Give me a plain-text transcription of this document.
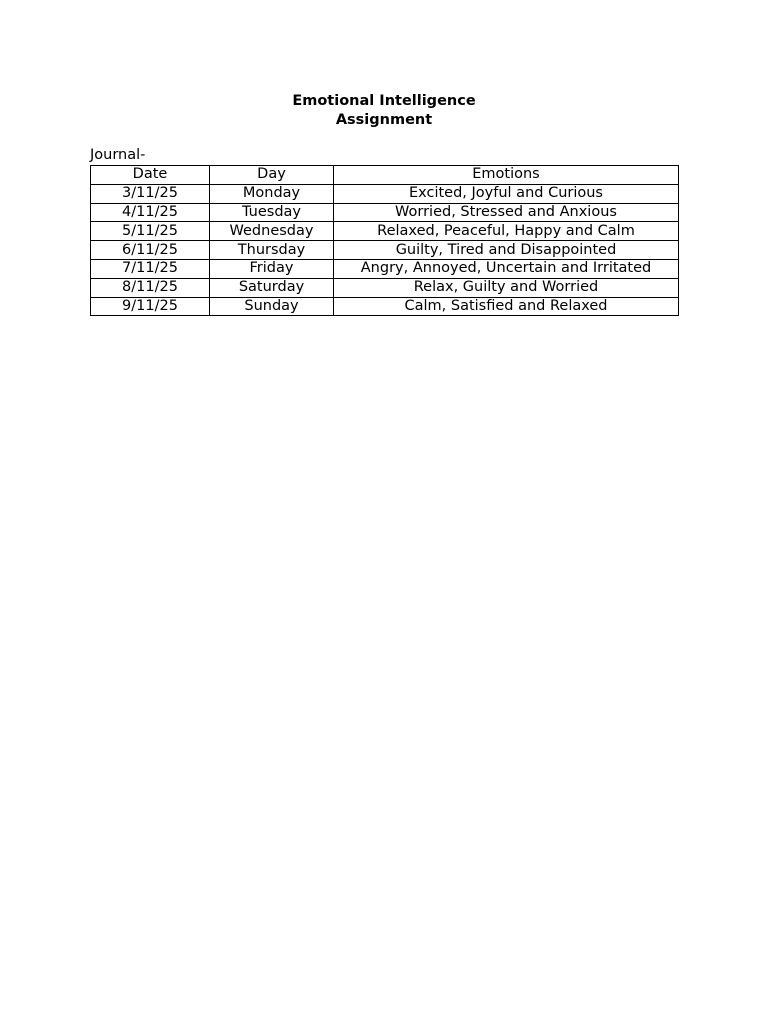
Emotional Intelligence
Assignment
Journal-
Date	Day	Emotions
3/11/25	Monday	Excited, Joyful and Curious
4/11/25	Tuesday	Worried, Stressed and Anxious
5/11/25	Wednesday	Relaxed, Peaceful, Happy and Calm
6/11/25	Thursday	Guilty, Tired and Disappointed
7/11/25	Friday	Angry, Annoyed, Uncertain and Irritated
8/11/25	Saturday	Relax, Guilty and Worried
9/11/25	Sunday	Calm, Satisfied and Relaxed
